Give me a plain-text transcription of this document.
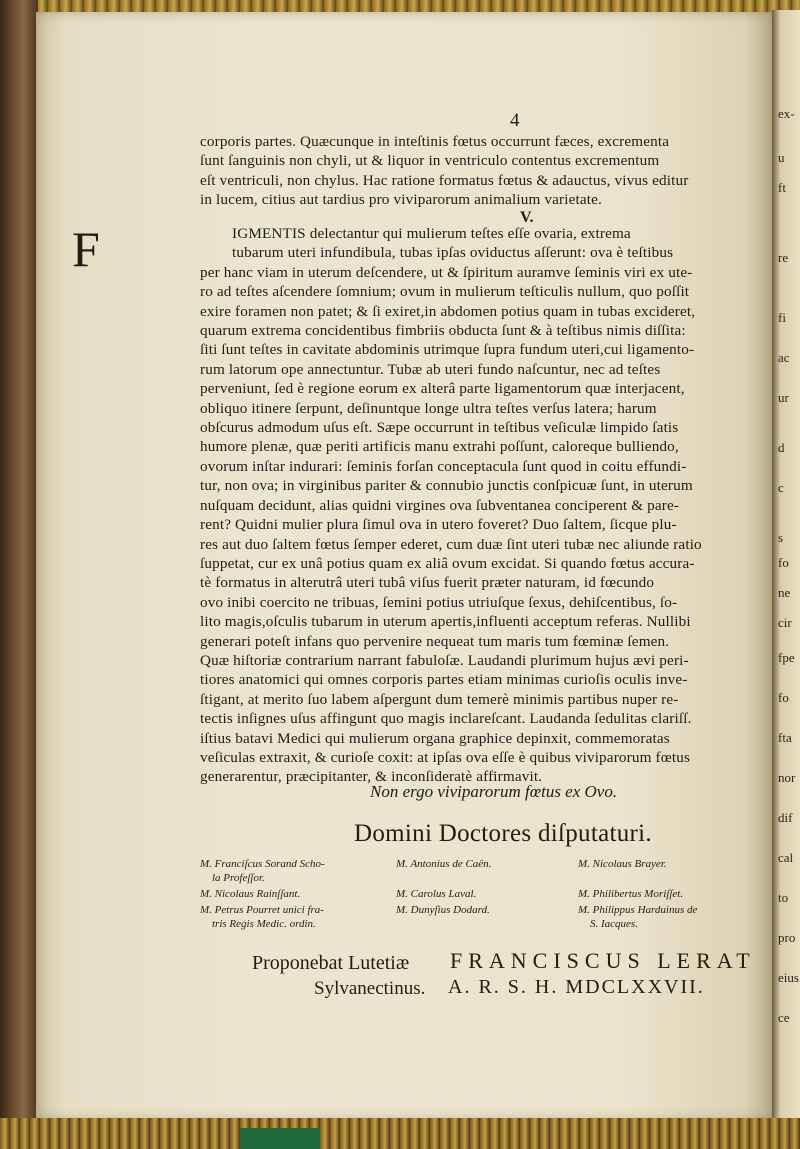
4
corporis partes. Quæcunque in inteſtinis fœtus occurrunt fæces, excrementa
ſunt ſanguinis non chyli, ut & liquor in ventriculo contentus excrementum
eſt ventriculi, non chylus. Hac ratione formatus fœtus & adauctus, vivus editur
in lucem, citius aut tardius pro viviparorum animalium varietate.
V.
IGMENTIS delectantur qui mulierum teſtes eſſe ovaria, extrema
tubarum uteri infundibula, tubas ipſas oviductus aſſerunt: ova è teſtibus
per hanc viam in uterum deſcendere, ut & ſpiritum auramve ſeminis viri ex ute-
ro ad teſtes aſcendere ſomnium; ovum in mulierum teſticulis nullum, quo poſſit
exire foramen non patet; & ſi exiret,in abdomen potius quam in tubas excideret,
quarum extrema concidentibus fimbriis obducta ſunt & à teſtibus nimis diſſita:
ſiti ſunt teſtes in cavitate abdominis utrimque ſupra fundum uteri,cui ligamento-
rum latorum ope annectuntur. Tubæ ab uteri fundo naſcuntur, nec ad teſtes
perveniunt, ſed è regione eorum ex alterâ parte ligamentorum quæ interjacent,
obliquo itinere ſerpunt, deſinuntque longe ultra teſtes verſus latera; harum
obſcurus admodum uſus eſt. Sæpe occurrunt in teſtibus veſiculæ limpido ſatis
humore plenæ, quæ periti artificis manu extrahi poſſunt, caloreque bulliendo,
ovorum inſtar indurari: ſeminis forſan conceptacula ſunt quod in coitu effundi-
tur, non ova; in virginibus pariter & connubio junctis conſpicuæ ſunt, in uterum
nuſquam decidunt, alias quidni virgines ova ſubventanea conciperent & pare-
rent? Quidni mulier plura ſimul ova in utero foveret? Duo ſaltem, ſicque plu-
res aut duo ſaltem fœtus ſemper ederet, cum duæ ſint uteri tubæ nec aliunde ratio
ſuppetat, cur ex unâ potius quam ex aliâ ovum excidat. Si quando fœtus accura-
tè formatus in alterutrâ uteri tubâ viſus fuerit præter naturam, id fœcundo
ovo inibi coercito ne tribuas, ſemini potius utriuſque ſexus, dehiſcentibus, ſo-
lito magis,oſculis tubarum in uterum apertis,influenti acceptum referas. Nullibi
generari poteſt infans quo pervenire nequeat tum maris tum fœminæ ſemen.
Quæ hiſtoriæ contrarium narrant fabuloſæ. Laudandi plurimum hujus ævi peri-
tiores anatomici qui omnes corporis partes etiam minimas curioſis oculis inve-
ſtigant, at merito ſuo labem aſpergunt dum temerè minimis partibus nuper re-
tectis inſignes uſus affingunt quo magis inclareſcant. Laudanda ſedulitas clariſſ.
iſtius batavi Medici qui mulierum organa graphice depinxit, commemoratas
veſiculas extraxit, & curioſe coxit: at ipſas ova eſſe è quibus viviparorum fœtus
generarentur, præcipitanter, & inconſideratè affirmavit.
F
Non ergo viviparorum fœtus ex Ovo.
Domini Doctores diſputaturi.
M. Franciſcus Sorand Scho-
la Profeſſor.
M. Nicolaus Rainſſant.
M. Petrus Pourret unici fra-
tris Regis Medic. ordin.
M. Antonius de Caën.
M. Carolus Laval.
M. Dunyſius Dodard.
M. Nicolaus Brayer.
M. Philibertus Moriſſet.
M. Philippus Harduinus de
S. Iacques.
Proponebat Lutetiæ FRANCISCUS LERAT
Sylvanectinus. A. R. S. H. MDCLXXVII.
ex-
u
ft
re
fi
ac
ur
d
c
s
fo
ne
cir
fpe
fo
fta
nor
dif
cal
to
pro
eius
ce
